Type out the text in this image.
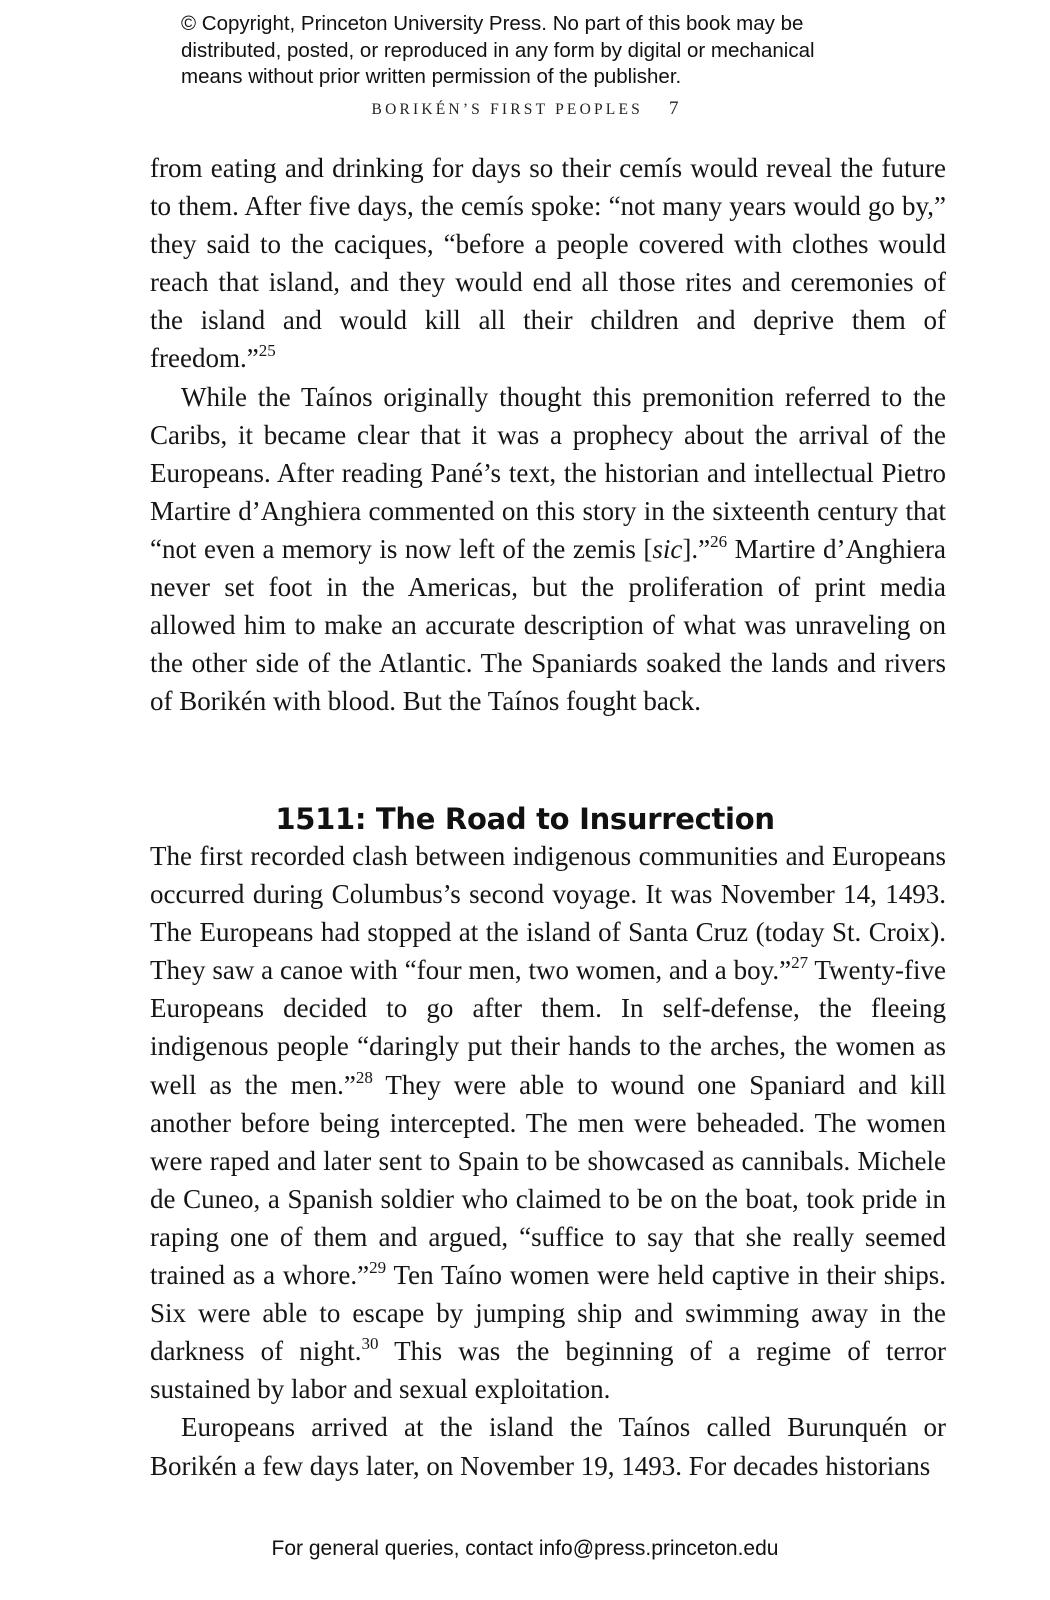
© Copyright, Princeton University Press. No part of this book may be

distributed, posted, or reproduced in any form by digital or mechanical

means without prior written permission of the publisher.

BORIKÉN’S FIRST PEOPLES 7

from eating and drinking for days so their cemís would reveal the future to them. After five days, the cemís spoke: “not many years would go by,” they said to the caciques, “before a people covered with clothes would reach that island, and they would end all those rites and ceremonies of the island and would kill all their children and deprive them of freedom.”$^{25}$

While the Taínos originally thought this premonition referred to the Caribs, it became clear that it was a prophecy about the arrival of the Europeans. After reading Pané’s text, the historian and intellectual Pietro Martire d’Anghiera commented on this story in the sixteenth century that “not even a memory is now left of the zemis [sic].”$^{26}$ Martire d’Anghiera never set foot in the Americas, but the proliferation of print media allowed him to make an accurate description of what was unraveling on the other side of the Atlantic. The Spaniards soaked the lands and rivers of Borikén with blood. But the Taínos fought back.

1511: The Road to Insurrection

The first recorded clash between indigenous communities and Europeans occurred during Columbus’s second voyage. It was November 14, 1493. The Europeans had stopped at the island of Santa Cruz (today St. Croix). They saw a canoe with “four men, two women, and a boy.”$^{27}$ Twenty-five Europeans decided to go after them. In self-defense, the fleeing indigenous people “daringly put their hands to the arches, the women as well as the men.”$^{28}$ They were able to wound one Spaniard and kill another before being intercepted. The men were beheaded. The women were raped and later sent to Spain to be showcased as cannibals. Michele de Cuneo, a Spanish soldier who claimed to be on the boat, took pride in raping one of them and argued, “suffice to say that she really seemed trained as a whore.”$^{29}$ Ten Taíno women were held captive in their ships. Six were able to escape by jumping ship and swimming away in the darkness of night.$^{30}$ This was the beginning of a regime of terror sustained by labor and sexual exploitation.

Europeans arrived at the island the Taínos called Burunquén or Borikén a few days later, on November 19, 1493. For decades historians

For general queries, contact info@press.princeton.edu
